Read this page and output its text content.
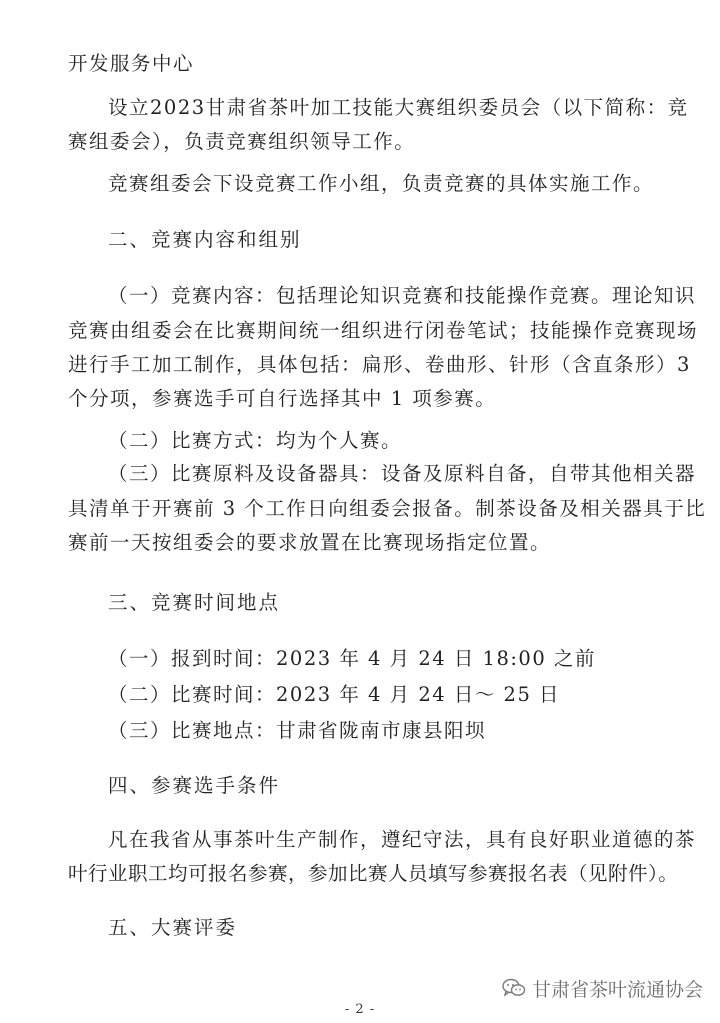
开发服务中心
设立2023甘肃省茶叶加工技能大赛组织委员会（以下简称：竞
赛组委会），负责竞赛组织领导工作。
竞赛组委会下设竞赛工作小组，负责竞赛的具体实施工作。
二、竞赛内容和组别
（一）竞赛内容：包括理论知识竞赛和技能操作竞赛。理论知识
竞赛由组委会在比赛期间统一组织进行闭卷笔试；技能操作竞赛现场
进行手工加工制作，具体包括：扁形、卷曲形、针形（含直条形）3
个分项，参赛选手可自行选择其中 1 项参赛。
（二）比赛方式：均为个人赛。
（三）比赛原料及设备器具：设备及原料自备，自带其他相关器
具清单于开赛前 3 个工作日向组委会报备。制茶设备及相关器具于比
赛前一天按组委会的要求放置在比赛现场指定位置。
三、竞赛时间地点
（一）报到时间：2023 年 4 月 24 日 18:00 之前
（二）比赛时间：2023 年 4 月 24 日～ 25 日
（三）比赛地点：甘肃省陇南市康县阳坝
四、参赛选手条件
凡在我省从事茶叶生产制作，遵纪守法，具有良好职业道德的茶
叶行业职工均可报名参赛，参加比赛人员填写参赛报名表（见附件）。
五、大赛评委
甘肃省茶叶流通协会
- 2 -
